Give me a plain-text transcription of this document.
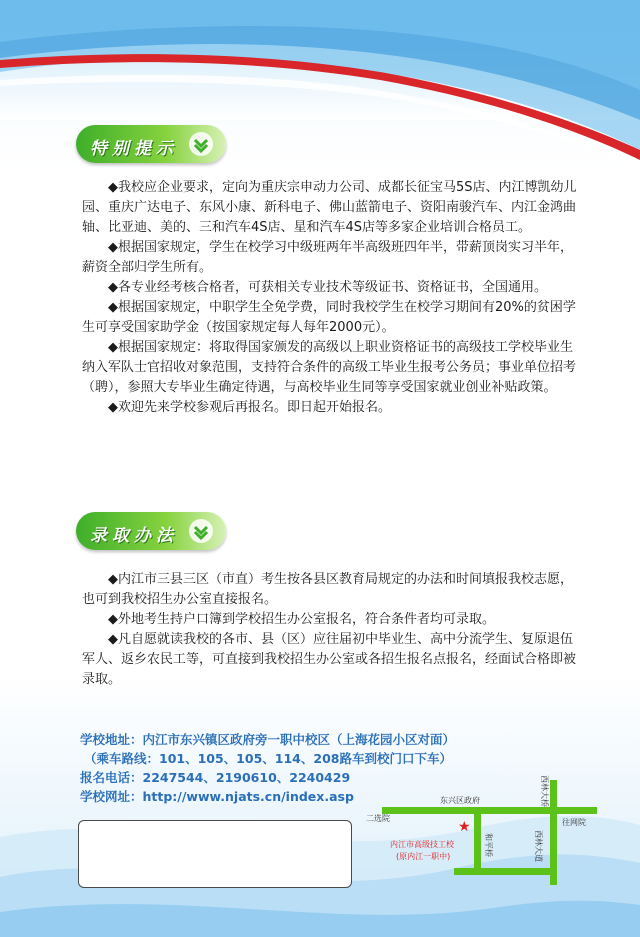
特别提示

◆我校应企业要求，定向为重庆宗申动力公司、成都长征宝马5S店、内江博凯幼儿园、重庆广达电子、东风小康、新科电子、佛山蓝箭电子、资阳南骏汽车、内江金鸿曲轴、比亚迪、美的、三和汽车4S店、星和汽车4S店等多家企业培训合格员工。

◆根据国家规定，学生在校学习中级班两年半高级班四年半，带薪顶岗实习半年，薪资全部归学生所有。

◆各专业经考核合格者，可获相关专业技术等级证书、资格证书，全国通用。

◆根据国家规定，中职学生全免学费，同时我校学生在校学习期间有20%的贫困学生可享受国家助学金（按国家规定每人每年2000元）。

◆根据国家规定：将取得国家颁发的高级以上职业资格证书的高级技工学校毕业生纳入军队士官招收对象范围，支持符合条件的高级工毕业生报考公务员；事业单位招考（聘），参照大专毕业生确定待遇，与高校毕业生同等享受国家就业创业补贴政策。

◆欢迎先来学校参观后再报名。即日起开始报名。

录取办法

◆内江市三县三区（市直）考生按各县区教育局规定的办法和时间填报我校志愿，也可到我校招生办公室直接报名。

◆外地考生持户口簿到学校招生办公室报名，符合条件者均可录取。

◆凡自愿就读我校的各市、县（区）应往届初中毕业生、高中分流学生、复原退伍军人、返乡农民工等，可直接到我校招生办公室或各招生报名点报名，经面试合格即被录取。

学校地址：内江市东兴镇区政府旁一职中校区（上海花园小区对面）
（乘车路线：101、105、105、114、208路车到校门口下车）
报名电话：2247544、2190610、2240429
学校网址：http://www.njats.cn/index.asp
★
西林大桥
东兴区政府
二选院	往网院
和平桥	西林大道
内江市高级技工校
(原内江一职中)
